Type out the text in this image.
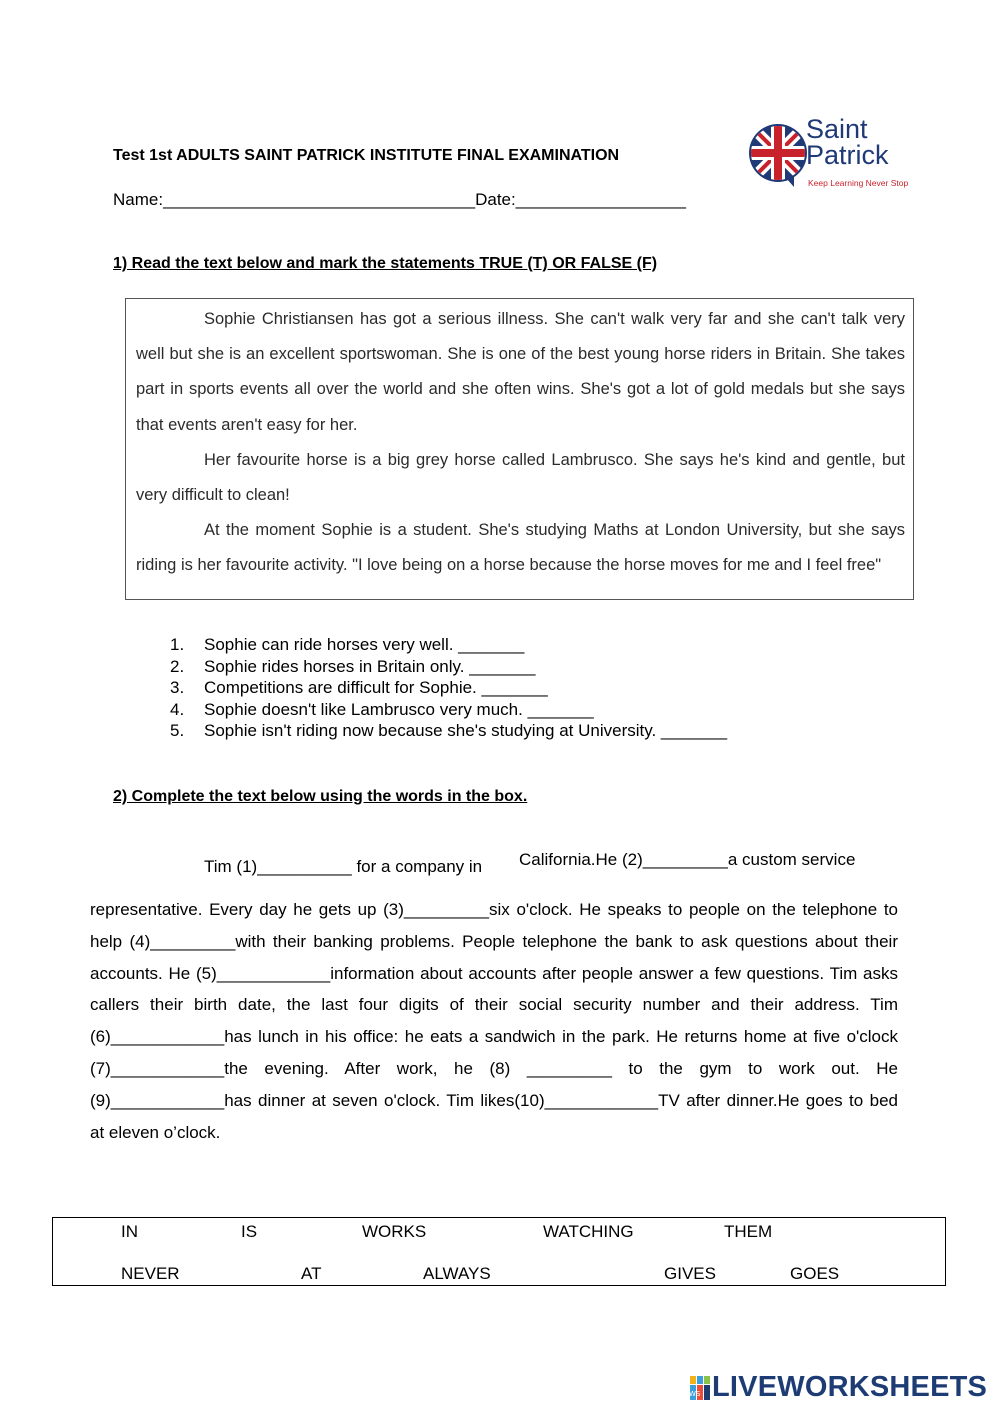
Test 1st ADULTS SAINT PATRICK INSTITUTE FINAL EXAMINATION
Name:_________________________________Date:__________________
Saint
Patrick
Keep Learning Never Stop
1) Read the text below and mark the statements TRUE (T) OR FALSE (F)

Sophie Christiansen has got a serious illness. She can't walk very far and she can't talk very well but she is an excellent sportswoman. She is one of the best young horse riders in Britain. She takes part in sports events all over the world and she often wins. She's got a lot of gold medals but she says that events aren't easy for her.

Her favourite horse is a big grey horse called Lambrusco. She says he's kind and gentle, but very difficult to clean!

At the moment Sophie is a student. She's studying Maths at London University, but she says riding is her favourite activity. "I love being on a horse because the horse moves for me and I feel free"

1. Sophie can ride horses very well. _______
2. Sophie rides horses in Britain only. _______
3. Competitions are difficult for Sophie. _______
4. Sophie doesn't like Lambrusco very much. _______
5. Sophie isn't riding now because she's studying at University. _______
2) Complete the text below using the words in the box.
Tim (1)__________ for a company in California.He (2)_________a custom service
representative. Every day he gets up (3)_________six o'clock. He speaks to people on the telephone to help (4)_________with their banking problems. People telephone the bank to ask questions about their accounts. He (5)____________information about accounts after people answer a few questions. Tim asks callers their birth date, the last four digits of their social security number and their address. Tim (6)____________has lunch in his office: he eats a sandwich in the park. He returns home at five o'clock (7)____________the evening. After work, he (8) _________ to the gym to work out. He (9)____________has dinner at seven o'clock. Tim likes(10)____________TV after dinner.He goes to bed at eleven o’clock.
IN	IS	WORKS	WATCHING	THEM
NEVER	AT	ALWAYS	GIVES	GOES
LWS LIVEWORKSHEETS
